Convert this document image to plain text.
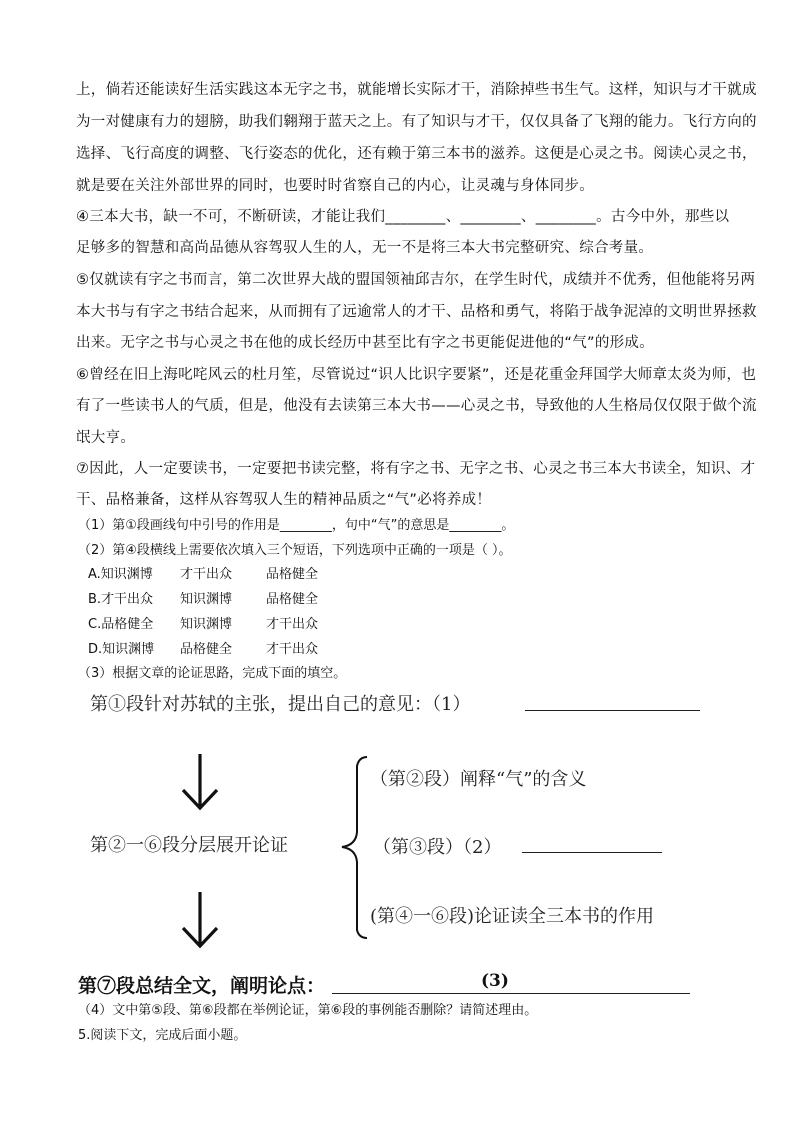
上，倘若还能读好生活实践这本无字之书，就能增长实际才干，消除掉些书生气。这样，知识与才干就成
为一对健康有力的翅膀，助我们翱翔于蓝天之上。有了知识与才干，仅仅具备了飞翔的能力。飞行方向的
选择、飞行高度的调整、飞行姿态的优化，还有赖于第三本书的滋养。这便是心灵之书。阅读心灵之书，
就是要在关注外部世界的同时，也要时时省察自己的内心，让灵魂与身体同步。
④三本大书，缺一不可，不断研读，才能让我们________、________、________。古今中外，那些以
足够多的智慧和高尚品德从容驾驭人生的人，无一不是将三本大书完整研究、综合考量。
⑤仅就读有字之书而言，第二次世界大战的盟国领袖邱吉尔，在学生时代，成绩并不优秀，但他能将另两
本大书与有字之书结合起来，从而拥有了远逾常人的才干、品格和勇气，将陷于战争泥淖的文明世界拯救
出来。无字之书与心灵之书在他的成长经历中甚至比有字之书更能促进他的“气”的形成。
⑥曾经在旧上海叱咤风云的杜月笙，尽管说过“识人比识字要紧”，还是花重金拜国学大师章太炎为师，也
有了一些读书人的气质，但是，他没有去读第三本大书——心灵之书，导致他的人生格局仅仅限于做个流
氓大亨。
⑦因此，人一定要读书，一定要把书读完整，将有字之书、无字之书、心灵之书三本大书读全，知识、才
干、品格兼备，这样从容驾驭人生的精神品质之“气”必将养成！
（1）第①段画线句中引号的作用是________，句中“气”的意思是________。
（2）第④段横线上需要依次填入三个短语，下列选项中正确的一项是（ ）。
A.知识渊博 才干出众	品格健全
B.才干出众 知识渊博	品格健全
C.品格健全 知识渊博	才干出众
D.知识渊博 品格健全	才干出众
（3）根据文章的论证思路，完成下面的填空。
第①段针对苏轼的主张，提出自己的意见：（1）
第②一⑥段分层展开论证
（第②段）阐释“气”的含义
（第③段）（2）
(第④一⑥段)论证读全三本书的作用
第⑦段总结全文，阐明论点：	(3)
（4）文中第⑤段、第⑥段都在举例论证，第⑥段的事例能否删除？请简述理由。
5.阅读下文，完成后面小题。
